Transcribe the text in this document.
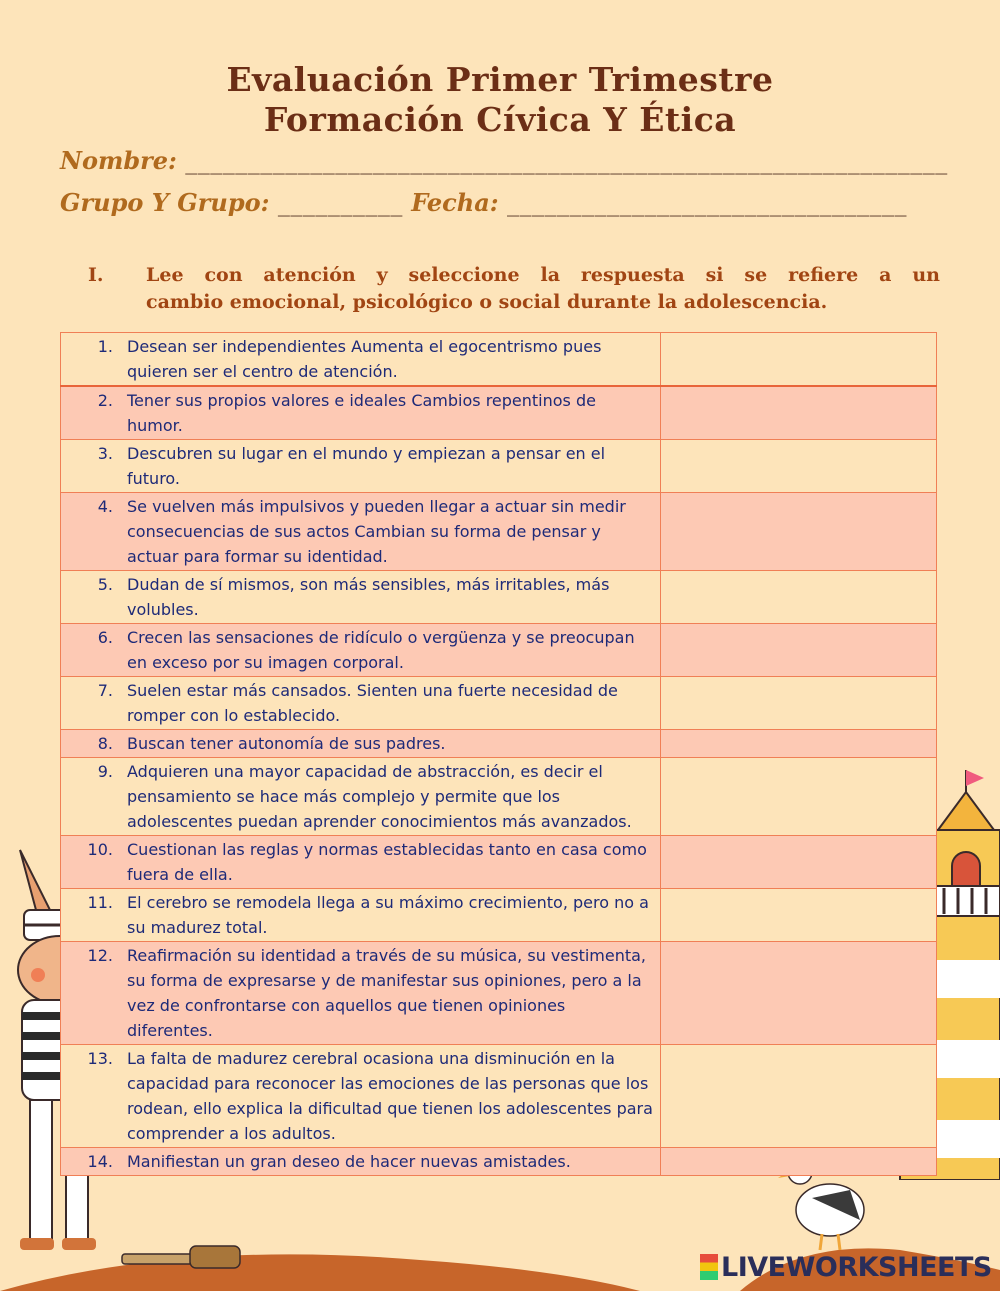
Evaluación Primer Trimestre
Formación Cívica Y Ética
Nombre: _____________________________________________________________
Grupo Y Grupo: __________ Fecha: ________________________________
I. Lee con atención y seleccione la respuesta si se refiere a un
cambio emocional, psicológico o social durante la adolescencia.
1. Desean ser independientes Aumenta el egocentrismo pues quieren ser el centro de atención.	

2. Tener sus propios valores e ideales Cambios repentinos de humor.	

3. Descubren su lugar en el mundo y empiezan a pensar en el futuro.	

4. Se vuelven más impulsivos y pueden llegar a actuar sin medir consecuencias de sus actos Cambian su forma de pensar y actuar para formar su identidad.	

5. Dudan de sí mismos, son más sensibles, más irritables, más volubles.	

6. Crecen las sensaciones de ridículo o vergüenza y se preocupan en exceso por su imagen corporal.	

7. Suelen estar más cansados. Sienten una fuerte necesidad de romper con lo establecido.	

8. Buscan tener autonomía de sus padres.	

9. Adquieren una mayor capacidad de abstracción, es decir el pensamiento se hace más complejo y permite que los adolescentes puedan aprender conocimientos más avanzados.	

10. Cuestionan las reglas y normas establecidas tanto en casa como fuera de ella.	

11. El cerebro se remodela llega a su máximo crecimiento, pero no a su madurez total.	

12. Reafirmación su identidad a través de su música, su vestimenta, su forma de expresarse y de manifestar sus opiniones, pero a la vez de confrontarse con aquellos que tienen opiniones diferentes.	

13. La falta de madurez cerebral ocasiona una disminución en la capacidad para reconocer las emociones de las personas que los rodean, ello explica la dificultad que tienen los adolescentes para comprender a los adultos.	

14. Manifiestan un gran deseo de hacer nuevas amistades.	
LIVEWORKSHEETS
